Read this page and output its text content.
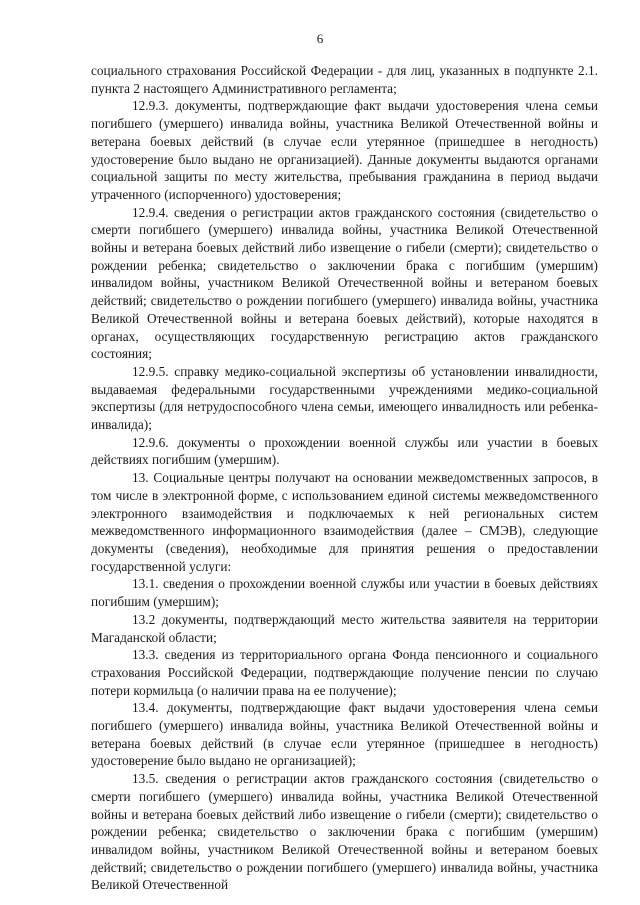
6

социального страхования Российской Федерации - для лиц, указанных в подпункте 2.1. пункта 2 настоящего Административного регламента;

12.9.3. документы, подтверждающие факт выдачи удостоверения члена семьи погибшего (умершего) инвалида войны, участника Великой Отечественной войны и ветерана боевых действий (в случае если утерянное (пришедшее в негодность) удостоверение было выдано не организацией). Данные документы выдаются органами социальной защиты по месту жительства, пребывания гражданина в период выдачи утраченного (испорченного) удостоверения;

12.9.4. сведения о регистрации актов гражданского состояния (свидетельство о смерти погибшего (умершего) инвалида войны, участника Великой Отечественной войны и ветерана боевых действий либо извещение о гибели (смерти); свидетельство о рождении ребенка; свидетельство о заключении брака с погибшим (умершим) инвалидом войны, участником Великой Отечественной войны и ветераном боевых действий; свидетельство о рождении погибшего (умершего) инвалида войны, участника Великой Отечественной войны и ветерана боевых действий), которые находятся в органах, осуществляющих государственную регистрацию актов гражданского состояния;

12.9.5. справку медико-социальной экспертизы об установлении инвалидности, выдаваемая федеральными государственными учреждениями медико-социальной экспертизы (для нетрудоспособного члена семьи, имеющего инвалидность или ребенка-инвалида);

12.9.6. документы о прохождении военной службы или участии в боевых действиях погибшим (умершим).

13. Социальные центры получают на основании межведомственных запросов, в том числе в электронной форме, с использованием единой системы межведомственного электронного взаимодействия и подключаемых к ней региональных систем межведомственного информационного взаимодействия (далее – СМЭВ), следующие документы (сведения), необходимые для принятия решения о предоставлении государственной услуги:

13.1. сведения о прохождении военной службы или участии в боевых действиях погибшим (умершим);

13.2 документы, подтверждающий место жительства заявителя на территории Магаданской области;

13.3. сведения из территориального органа Фонда пенсионного и социального страхования Российской Федерации, подтверждающие получение пенсии по случаю потери кормильца (о наличии права на ее получение);

13.4. документы, подтверждающие факт выдачи удостоверения члена семьи погибшего (умершего) инвалида войны, участника Великой Отечественной войны и ветерана боевых действий (в случае если утерянное (пришедшее в негодность) удостоверение было выдано не организацией);

13.5. сведения о регистрации актов гражданского состояния (свидетельство о смерти погибшего (умершего) инвалида войны, участника Великой Отечественной войны и ветерана боевых действий либо извещение о гибели (смерти); свидетельство о рождении ребенка; свидетельство о заключении брака с погибшим (умершим) инвалидом войны, участником Великой Отечественной войны и ветераном боевых действий; свидетельство о рождении погибшего (умершего) инвалида войны, участника Великой Отечественной
